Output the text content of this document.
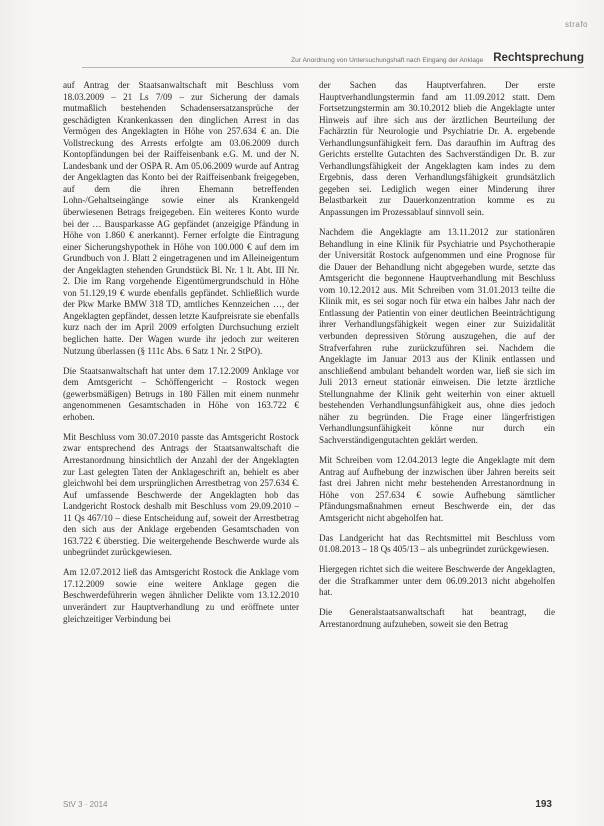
strafo
Zur Anordnung von Untersuchungshaft nach Eingang der Anklage Rechtsprechung

auf Antrag der Staatsanwaltschaft mit Beschluss vom 18.03.2009 – 21 Ls 7/09 – zur Sicherung der damals mutmaßlich bestehenden Schadensersatzansprüche der geschädigten Krankenkassen den dinglichen Arrest in das Vermögen des Angeklagten in Höhe von 257.634 € an. Die Vollstreckung des Arrests erfolgte am 03.06.2009 durch Kontopfändungen bei der Raiffeisenbank e.G. M. und der N. Landesbank und der OSPA R. Am 05.06.2009 wurde auf Antrag der Angeklagten das Konto bei der Raiffeisenbank freigegeben, auf dem die ihren Ehemann betreffenden Lohn-/Gehaltseingänge sowie einer als Krankengeld überwiesenen Betrags freigegeben. Ein weiteres Konto wurde bei der … Bausparkasse AG gepfändet (anzeigige Pfändung in Höhe von 1.860 € anerkannt). Ferner erfolgte die Eintragung einer Sicherungshypothek in Höhe von 100.000 € auf dem im Grundbuch von J. Blatt 2 eingetragenen und im Alleineigentum der Angeklagten stehenden Grundstück Bl. Nr. 1 lt. Abt. III Nr. 2. Die im Rang vorgehende Eigentümergrundschuld in Höhe von 51.129,19 € wurde ebenfalls gepfändet. Schließlich wurde der Pkw Marke BMW 318 TD, amtliches Kennzeichen …, der Angeklagten gepfändet, dessen letzte Kaufpreisrate sie ebenfalls kurz nach der im April 2009 erfolgten Durchsuchung erzielt beglichen hatte. Der Wagen wurde ihr jedoch zur weiteren Nutzung überlassen (§ 111c Abs. 6 Satz 1 Nr. 2 StPO).

Die Staatsanwaltschaft hat unter dem 17.12.2009 Anklage vor dem Amtsgericht – Schöffengericht – Rostock wegen (gewerbsmäßigen) Betrugs in 180 Fällen mit einem nunmehr angenommenen Gesamtschaden in Höhe von 163.722 € erhoben.

Mit Beschluss vom 30.07.2010 passte das Amtsgericht Rostock zwar entsprechend des Antrags der Staatsanwaltschaft die Arrestanordnung hinsichtlich der Anzahl der der Angeklagten zur Last gelegten Taten der Anklageschrift an, behielt es aber gleichwohl bei dem ursprünglichen Arrestbetrag von 257.634 €. Auf umfassende Beschwerde der Angeklagten hob das Landgericht Rostock deshalb mit Beschluss vom 29.09.2010 – 11 Qs 467/10 – diese Entscheidung auf, soweit der Arrestbetrag den sich aus der Anklage ergebenden Gesamtschaden von 163.722 € überstieg. Die weitergehende Beschwerde wurde als unbegründet zurückgewiesen.

Am 12.07.2012 ließ das Amtsgericht Rostock die Anklage vom 17.12.2009 sowie eine weitere Anklage gegen die Beschwerdeführerin wegen ähnlicher Delikte vom 13.12.2010 unverändert zur Hauptverhandlung zu und eröffnete unter gleichzeitiger Verbindung bei

der Sachen das Hauptverfahren. Der erste Hauptverhandlungstermin fand am 11.09.2012 statt. Dem Fortsetzungstermin am 30.10.2012 blieb die Angeklagte unter Hinweis auf ihre sich aus der ärztlichen Beurteilung der Fachärztin für Neurologie und Psychiatrie Dr. A. ergebende Verhandlungsunfähigkeit fern. Das daraufhin im Auftrag des Gerichts erstellte Gutachten des Sachverständigen Dr. B. zur Verhandlungsfähigkeit der Angeklagten kam indes zu dem Ergebnis, dass deren Verhandlungsfähigkeit grundsätzlich gegeben sei. Lediglich wegen einer Minderung ihrer Belastbarkeit zur Dauerkonzentration komme es zu Anpassungen im Prozessablauf sinnvoll sein.

Nachdem die Angeklagte am 13.11.2012 zur stationären Behandlung in eine Klinik für Psychiatrie und Psychotherapie der Universität Rostock aufgenommen und eine Prognose für die Dauer der Behandlung nicht abgegeben wurde, setzte das Amtsgericht die begonnene Hauptverhandlung mit Beschluss vom 10.12.2012 aus. Mit Schreiben vom 31.01.2013 teilte die Klinik mit, es sei sogar noch für etwa ein halbes Jahr nach der Entlassung der Patientin von einer deutlichen Beeinträchtigung ihrer Verhandlungsfähigkeit wegen einer zur Suizidalität verbunden depressiven Störung auszugehen, die auf der Strafverfahren ruhe zurückzuführen sei. Nachdem die Angeklagte im Januar 2013 aus der Klinik entlassen und anschließend ambulant behandelt worden war, ließ sie sich im Juli 2013 erneut stationär einweisen. Die letzte ärztliche Stellungnahme der Klinik geht weiterhin von einer aktuell bestehenden Verhandlungsunfähigkeit aus, ohne dies jedoch näher zu begründen. Die Frage einer längerfristigen Verhandlungsunfähigkeit könne nur durch ein Sachverständigengutachten geklärt werden.

Mit Schreiben vom 12.04.2013 legte die Angeklagte mit dem Antrag auf Aufhebung der inzwischen über Jahren bereits seit fast drei Jahren nicht mehr bestehenden Arrestanordnung in Höhe von 257.634 € sowie Aufhebung sämtlicher Pfändungsmaßnahmen erneut Beschwerde ein, der das Amtsgericht nicht abgeholfen hat.

Das Landgericht hat das Rechtsmittel mit Beschluss vom 01.08.2013 – 18 Qs 405/13 – als unbegründet zurückgewiesen.

Hiergegen richtet sich die weitere Beschwerde der Angeklagten, der die Strafkammer unter dem 06.09.2013 nicht abgeholfen hat.

Die Generalstaatsanwaltschaft hat beantragt, die Arrestanordnung aufzuheben, soweit sie den Betrag

StV 3 · 2014	193
